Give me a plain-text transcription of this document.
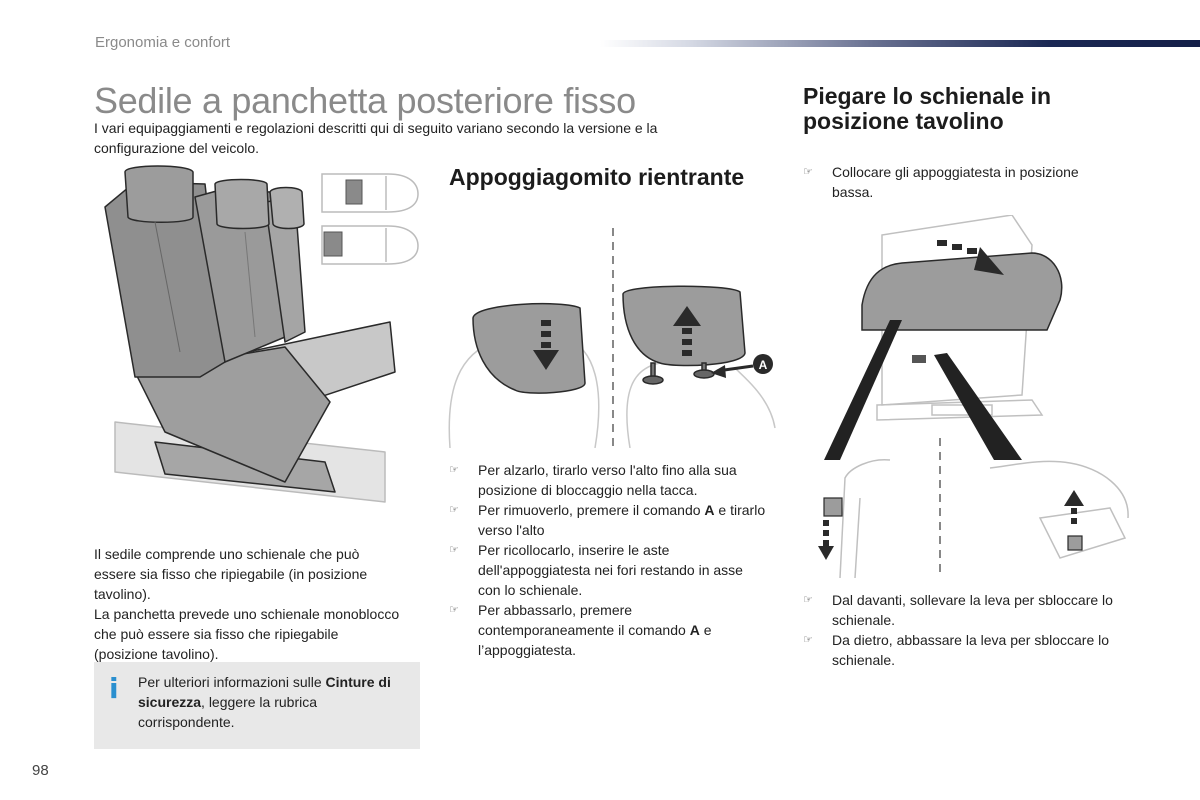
Ergonomia e confort
Sedile a panchetta posteriore fisso
I vari equipaggiamenti e regolazioni descritti qui di seguito variano secondo la versione e la configurazione del veicolo.
A
Appoggiagomito rientrante
Piegare lo schienale in posizione tavolino
☞ Per alzarlo, tirarlo verso l'alto fino alla sua posizione di bloccaggio nella tacca.
☞ Per rimuoverlo, premere il comando A e tirarlo verso l'alto
☞ Per ricollocarlo, inserire le aste dell'appoggiatesta nei fori restando in asse con lo schienale.
☞ Per abbassarlo, premere contemporaneamente il comando A e l’appoggiatesta.
☞ Collocare gli appoggiatesta in posizione bassa.
☞ Dal davanti, sollevare la leva per sbloccare lo schienale.
☞ Da dietro, abbassare la leva per sbloccare lo schienale.

Il sedile comprende uno schienale che può essere sia fisso che ripiegabile (in posizione tavolino).

La panchetta prevede uno schienale monoblocco che può essere sia fisso che ripiegabile (posizione tavolino).

i Per ulteriori informazioni sulle Cinture di sicurezza, leggere la rubrica corrispondente.
98
